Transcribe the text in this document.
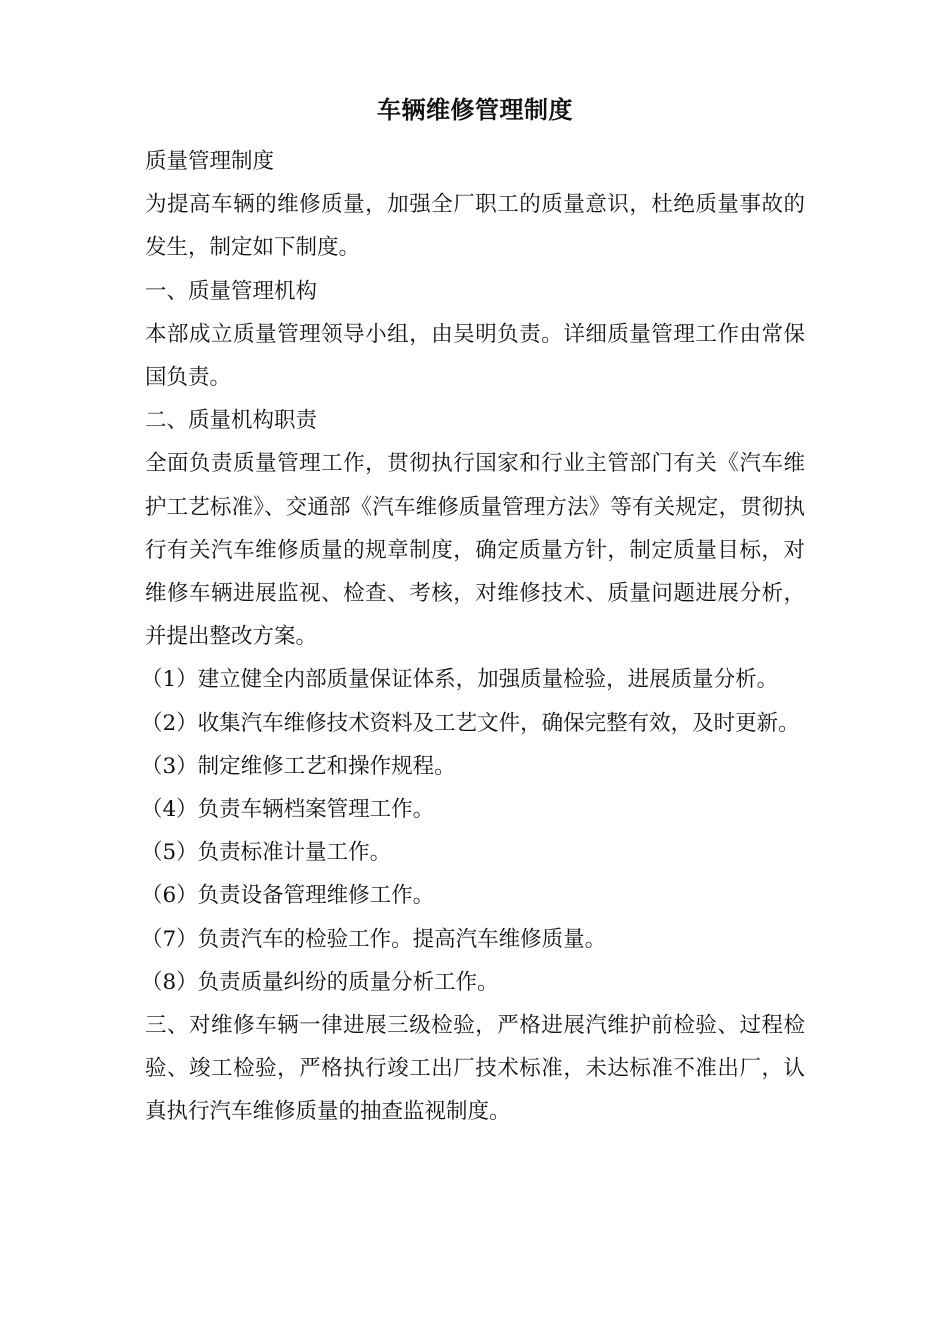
车辆维修管理制度

质量管理制度

为提高车辆的维修质量，加强全厂职工的质量意识，杜绝质量事故的发生，制定如下制度。

一、质量管理机构

本部成立质量管理领导小组，由吴明负责。详细质量管理工作由常保国负责。

二、质量机构职责

全面负责质量管理工作，贯彻执行国家和行业主管部门有关《汽车维护工艺标准》、交通部《汽车维修质量管理方法》等有关规定，贯彻执行有关汽车维修质量的规章制度，确定质量方针，制定质量目标，对维修车辆进展监视、检查、考核，对维修技术、质量问题进展分析，并提出整改方案。

（1）建立健全内部质量保证体系，加强质量检验，进展质量分析。

（2）收集汽车维修技术资料及工艺文件，确保完整有效，及时更新。

（3）制定维修工艺和操作规程。

（4）负责车辆档案管理工作。

（5）负责标准计量工作。

（6）负责设备管理维修工作。

（7）负责汽车的检验工作。提高汽车维修质量。

（8）负责质量纠纷的质量分析工作。

三、对维修车辆一律进展三级检验，严格进展汽维护前检验、过程检验、竣工检验，严格执行竣工出厂技术标准，未达标准不准出厂，认真执行汽车维修质量的抽查监视制度。
